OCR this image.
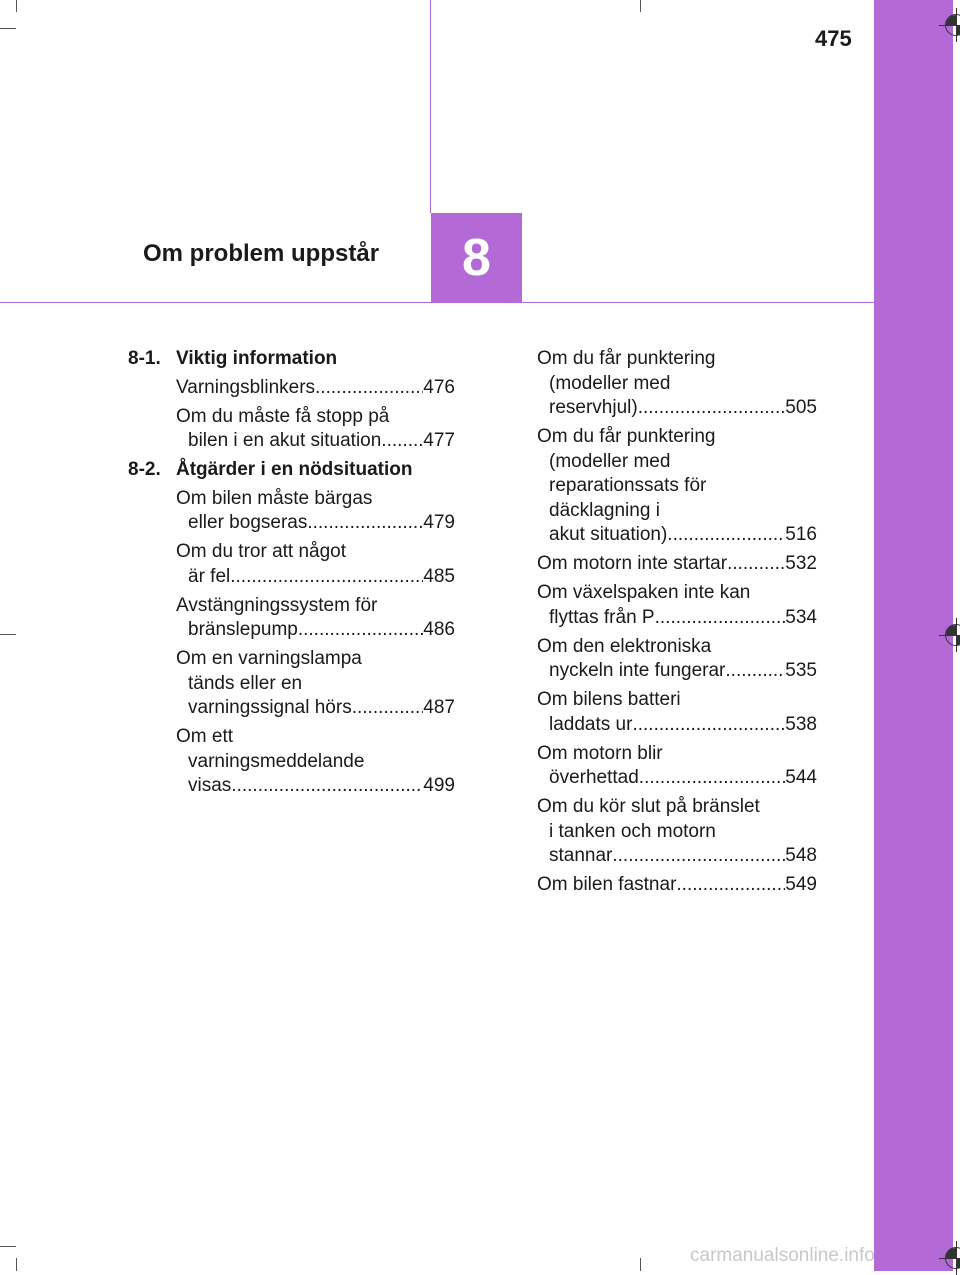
475
Om problem uppstår 8
8-1. Viktig information
Varningsblinkers .....	476
Om du måste få stopp på
bilen i en akut situation ..... 477
8-2. Åtgärder i en nödsituation
Om bilen måste bärgas
eller bogseras .....	479
Om du tror att något
är fel .....	485
Avstängningssystem för
bränslepump .....	486
Om en varningslampa
tänds eller en
varningssignal hörs .....	487
Om ett
varningsmeddelande
visas .....	499
Om du får punktering
(modeller med
reservhjul) .....	505
Om du får punktering
(modeller med
reparationssats för
däcklagning i
akut situation) .....	516
Om motorn inte startar .....	532
Om växelspaken inte kan
flyttas från P .....	534
Om den elektroniska
nyckeln inte fungerar .....	535
Om bilens batteri
laddats ur .....	538
Om motorn blir
överhettad .....	544
Om du kör slut på bränslet
i tanken och motorn
stannar .....	548
Om bilen fastnar .....	549
carmanualsonline.info
